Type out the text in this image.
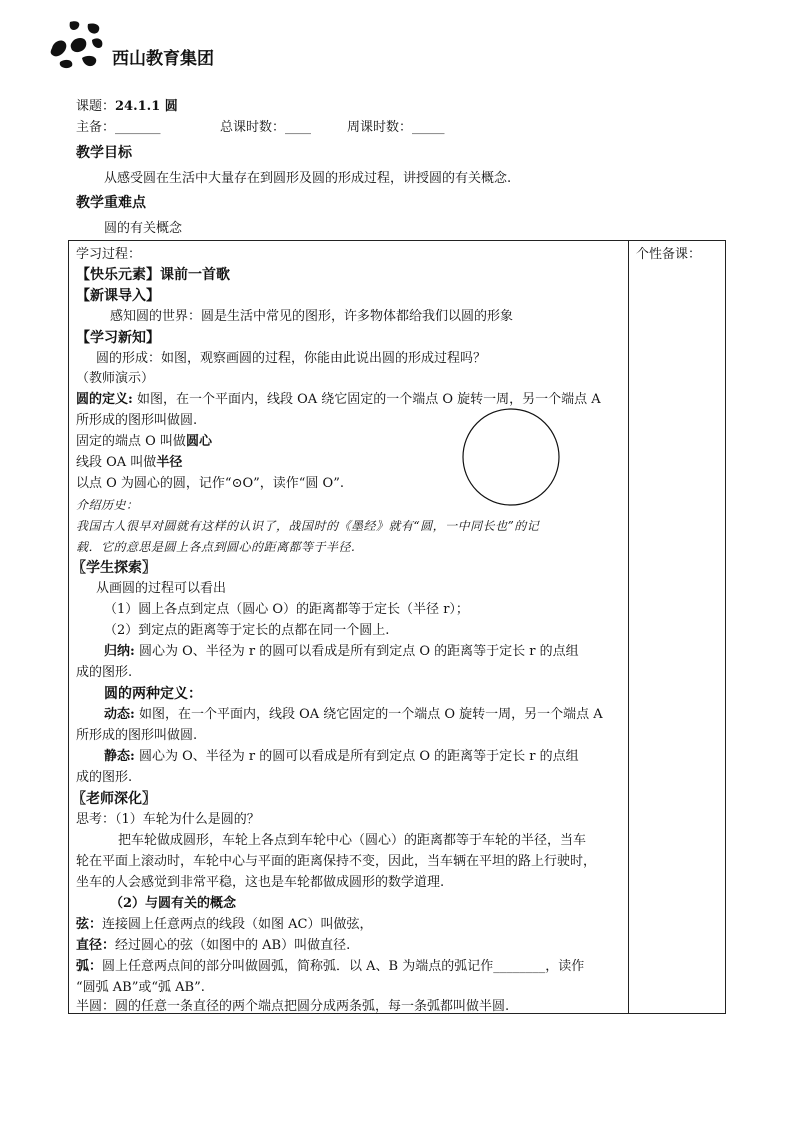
西山教育集团
课题：24.1.1 圆
主备：_______	总课时数：____	周课时数：_____
教学目标
从感受圆在生活中大量存在到圆形及圆的形成过程，讲授圆的有关概念.
教学重难点
圆的有关概念

个性备课：
学习过程：
【快乐元素】课前一首歌
【新课导入】
感知圆的世界：圆是生活中常见的图形，许多物体都给我们以圆的形象
【学习新知】
圆的形成：如图，观察画圆的过程，你能由此说出圆的形成过程吗？
（教师演示）
圆的定义: 如图，在一个平面内，线段 OA 绕它固定的一个端点 O 旋转一周，另一个端点 A
所形成的图形叫做圆.
固定的端点 O 叫做圆心
线段 OA 叫做半径
以点 O 为圆心的圆，记作“⊙O”，读作“圆 O”.
介绍历史：
我国古人很早对圆就有这样的认识了，战国时的《墨经》就有“圆，一中同长也”的记
载．它的意思是圆上各点到圆心的距离都等于半径.
〖学生探索〗
从画圆的过程可以看出
（1）圆上各点到定点（圆心 O）的距离都等于定长（半径 r）；
（2）到定点的距离等于定长的点都在同一个圆上.
归纳: 圆心为 O、半径为 r 的圆可以看成是所有到定点 O 的距离等于定长 r 的点组
成的图形.
圆的两种定义：
动态: 如图，在一个平面内，线段 OA 绕它固定的一个端点 O 旋转一周，另一个端点 A
所形成的图形叫做圆.
静态: 圆心为 O、半径为 r 的圆可以看成是所有到定点 O 的距离等于定长 r 的点组
成的图形.
〖老师深化〗
思考：（1）车轮为什么是圆的？
把车轮做成圆形，车轮上各点到车轮中心（圆心）的距离都等于车轮的半径，当车
轮在平面上滚动时，车轮中心与平面的距离保持不变，因此，当车辆在平坦的路上行驶时，
坐车的人会感觉到非常平稳，这也是车轮都做成圆形的数学道理.
（2）与圆有关的概念
弦：连接圆上任意两点的线段（如图 AC）叫做弦，
直径：经过圆心的弦（如图中的 AB）叫做直径.
弧：圆上任意两点间的部分叫做圆弧，简称弧．以 A、B 为端点的弧记作________，读作
“圆弧 AB”或“弧 AB”.
半圆：圆的任意一条直径的两个端点把圆分成两条弧，每一条弧都叫做半圆.
